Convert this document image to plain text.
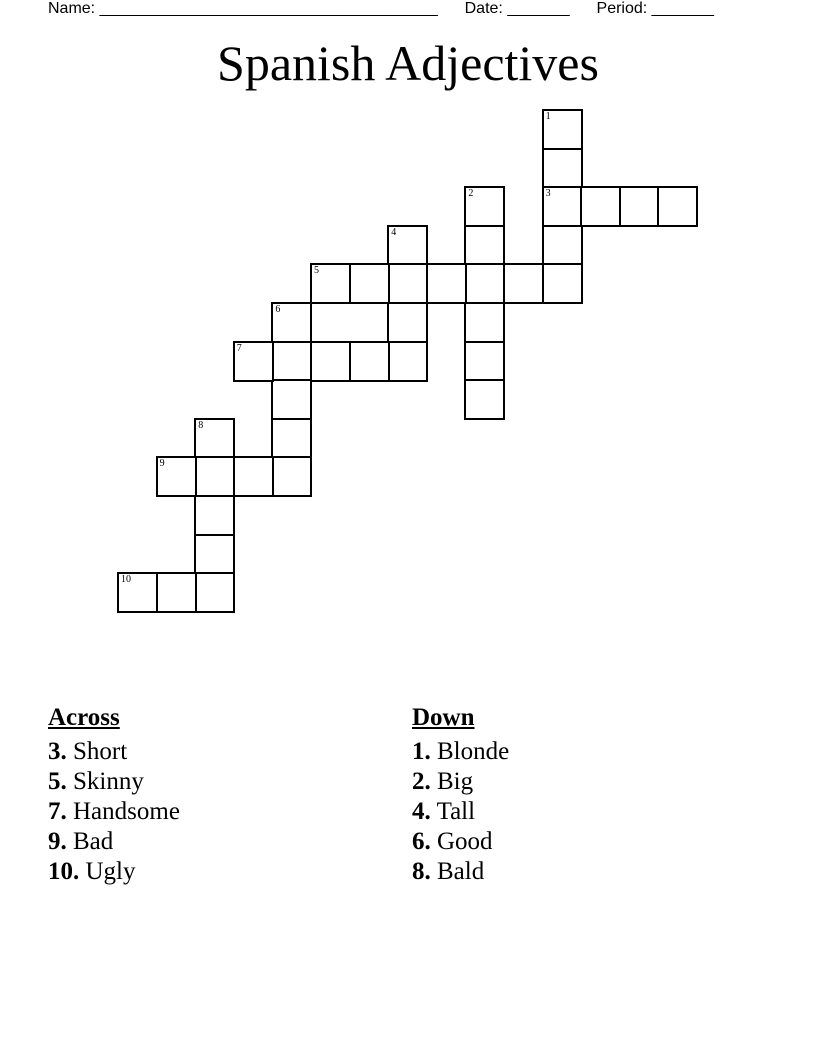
Name: ______________________________________ Date: _______ Period: _______
Spanish Adjectives
1
3
2
4
5
6
7
8
9
10
Across
3. Short
5. Skinny
7. Handsome
9. Bad
10. Ugly
Down
1. Blonde
2. Big
4. Tall
6. Good
8. Bald
